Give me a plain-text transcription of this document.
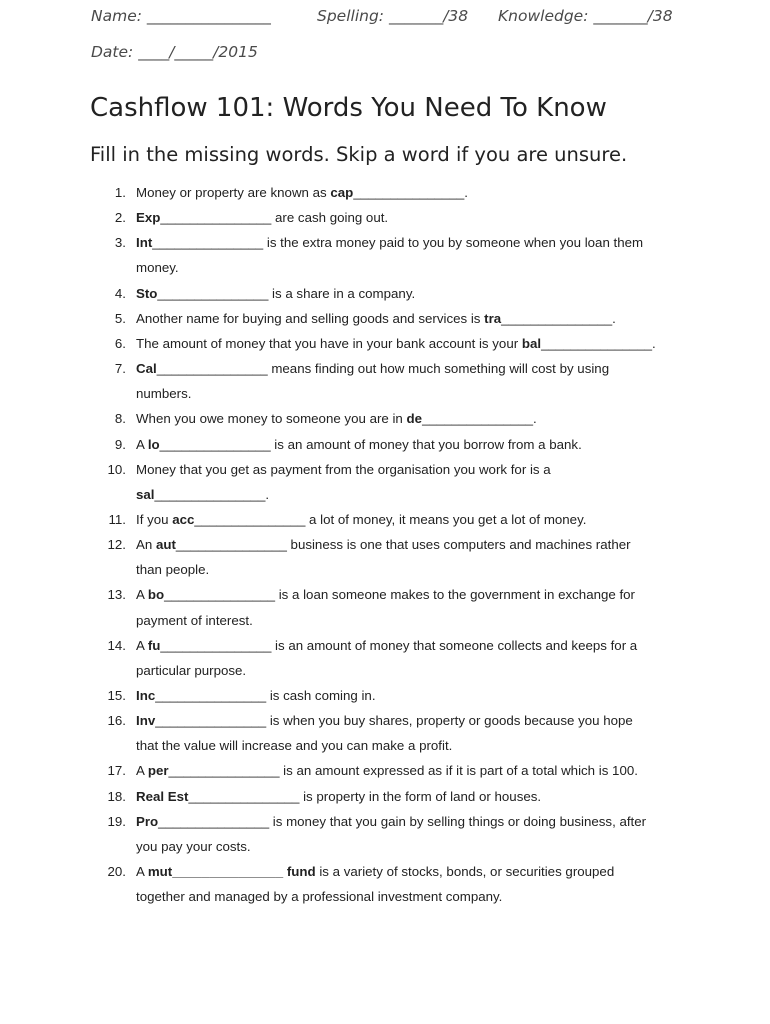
Name: ________________

	Spelling: _______/38

Knowledge: _______/38

Date: ____/_____/2015
Cashflow 101: Words You Need To Know
Fill in the missing words. Skip a word if you are unsure.
1. Money or property are known as cap_______________.
2. Exp_______________ are cash going out.
3. Int_______________ is the extra money paid to you by someone when you loan them
money.
4. Sto_______________ is a share in a company.
5. Another name for buying and selling goods and services is tra_______________.
6. The amount of money that you have in your bank account is your bal_______________.
7. Cal_______________ means finding out how much something will cost by using
numbers.
8. When you owe money to someone you are in de_______________.
9. A lo_______________ is an amount of money that you borrow from a bank.
10. Money that you get as payment from the organisation you work for is a
sal_______________.
11. If you acc_______________ a lot of money, it means you get a lot of money.
12. An aut_______________ business is one that uses computers and machines rather
than people.
13. A bo_______________ is a loan someone makes to the government in exchange for
payment of interest.
14. A fu_______________ is an amount of money that someone collects and keeps for a
particular purpose.
15. Inc_______________ is cash coming in.
16. Inv_______________ is when you buy shares, property or goods because you hope
that the value will increase and you can make a profit.
17. A per_______________ is an amount expressed as if it is part of a total which is 100.
18. Real Est_______________ is property in the form of land or houses.
19. Pro_______________ is money that you gain by selling things or doing business, after
you pay your costs.
20. A mut_______________ fund is a variety of stocks, bonds, or securities grouped
together and managed by a professional investment company.
